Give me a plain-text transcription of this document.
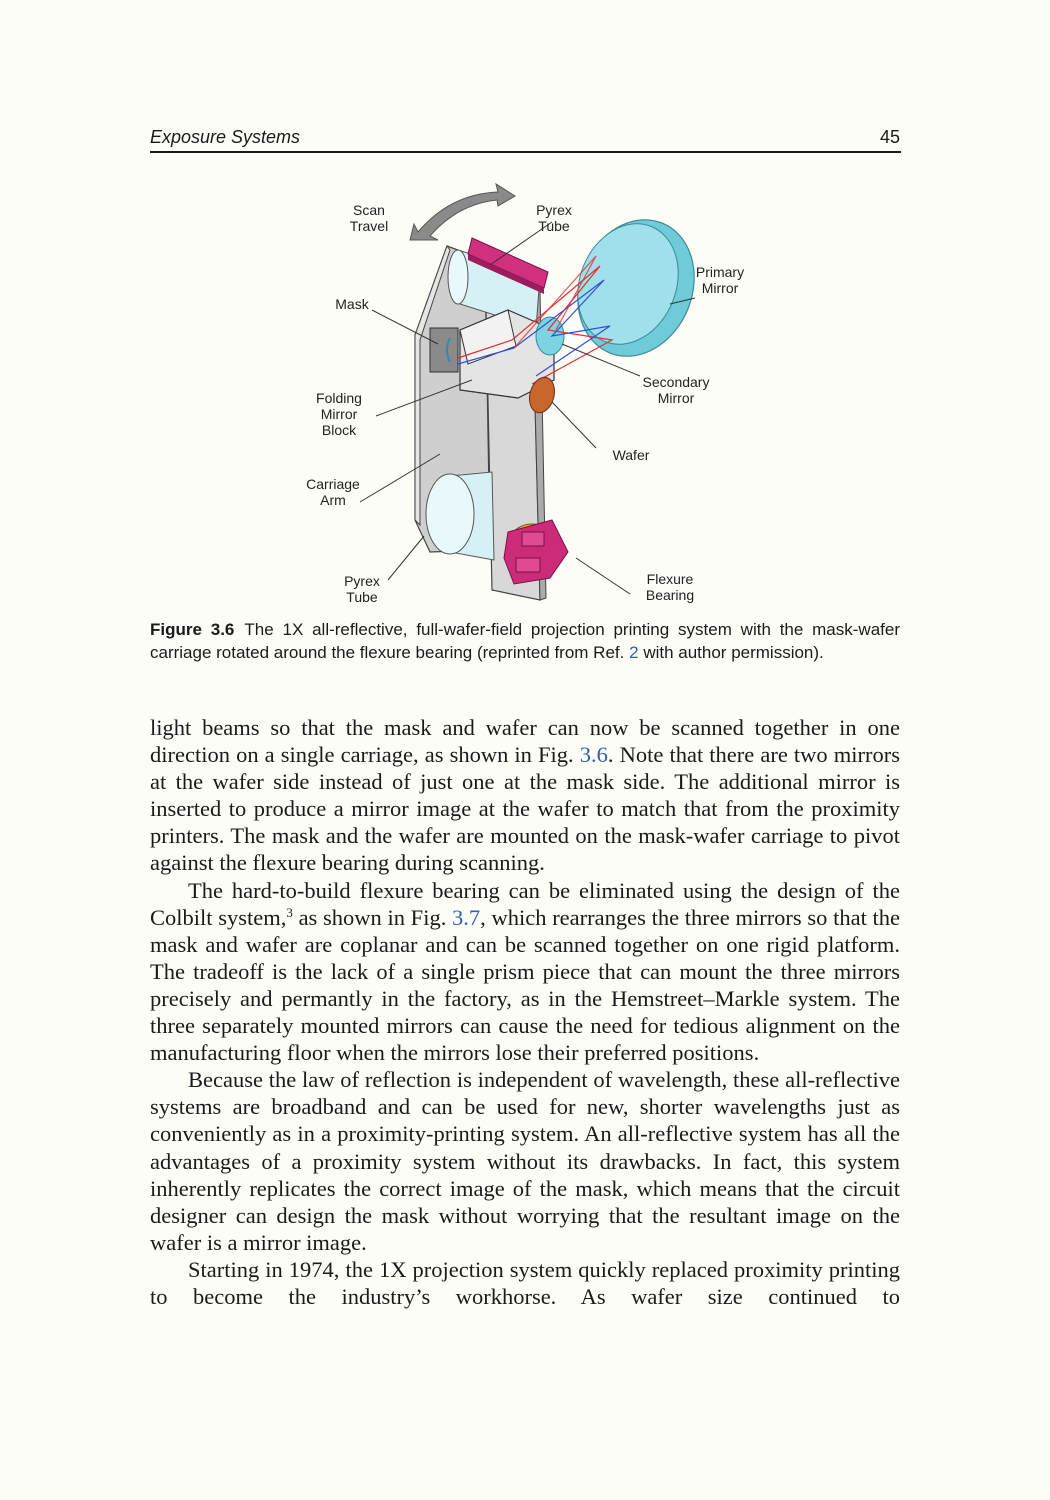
Exposure Systems	45
Scan
Travel
Pyrex
Tube
Primary
Mirror
Mask
Secondary
Mirror
Folding
Mirror
Block
Wafer
Carriage
Arm
Pyrex
Tube
Flexure
Bearing
Figure 3.6 The 1X all-reflective, full-wafer-field projection printing system with the mask-wafer carriage rotated around the flexure bearing (reprinted from Ref. 2 with author permission).

light beams so that the mask and wafer can now be scanned together in one direction on a single carriage, as shown in Fig. 3.6. Note that there are two mirrors at the wafer side instead of just one at the mask side. The additional mirror is inserted to produce a mirror image at the wafer to match that from the proximity printers. The mask and the wafer are mounted on the mask-wafer carriage to pivot against the flexure bearing during scanning.

The hard-to-build flexure bearing can be eliminated using the design of the Colbilt system,$^3$ as shown in Fig. 3.7, which rearranges the three mirrors so that the mask and wafer are coplanar and can be scanned together on one rigid platform. The tradeoff is the lack of a single prism piece that can mount the three mirrors precisely and permantly in the factory, as in the Hemstreet–Markle system. The three separately mounted mirrors can cause the need for tedious alignment on the manufacturing floor when the mirrors lose their preferred positions.

Because the law of reflection is independent of wavelength, these all-reflective systems are broadband and can be used for new, shorter wavelengths just as conveniently as in a proximity-printing system. An all-reflective system has all the advantages of a proximity system without its drawbacks. In fact, this system inherently replicates the correct image of the mask, which means that the circuit designer can design the mask without worrying that the resultant image on the wafer is a mirror image.

Starting in 1974, the 1X projection system quickly replaced proximity printing to become the industry’s workhorse. As wafer size continued to
